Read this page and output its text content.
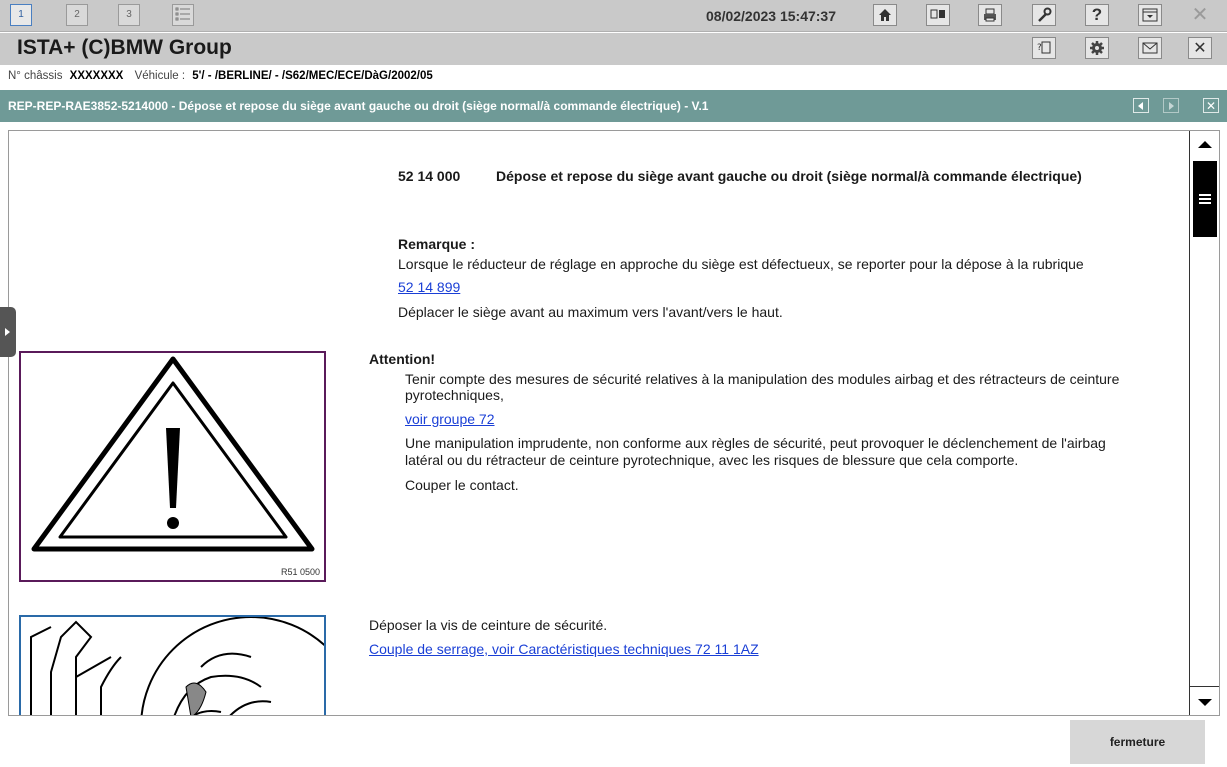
1	2	3	08/02/2023 15:47:37	?	✕
ISTA+ (C)BMW Group	?	✕
N° châssis XXXXXXX Véhicule : 5'/ - /BERLINE/ - /S62/MEC/ECE/DàG/2002/05
REP-REP-RAE3852-5214000 - Dépose et repose du siège avant gauche ou droit (siège normal/à commande électrique) - V.1	✕
52 14 000	Dépose et repose du siège avant gauche ou droit (siège normal/à commande électrique)
Remarque :
Lorsque le réducteur de réglage en approche du siège est défectueux, se reporter pour la dépose à la rubrique
52 14 899
Déplacer le siège avant au maximum vers l'avant/vers le haut.
Attention!
Tenir compte des mesures de sécurité relatives à la manipulation des modules airbag et des rétracteurs de ceinture
pyrotechniques,
voir groupe 72
Une manipulation imprudente, non conforme aux règles de sécurité, peut provoquer le déclenchement de l'airbag
latéral ou du rétracteur de ceinture pyrotechnique, avec les risques de blessure que cela comporte.
Couper le contact.
R51 0500
Déposer la vis de ceinture de sécurité.
Couple de serrage, voir Caractéristiques techniques 72 11 1AZ
fermeture
